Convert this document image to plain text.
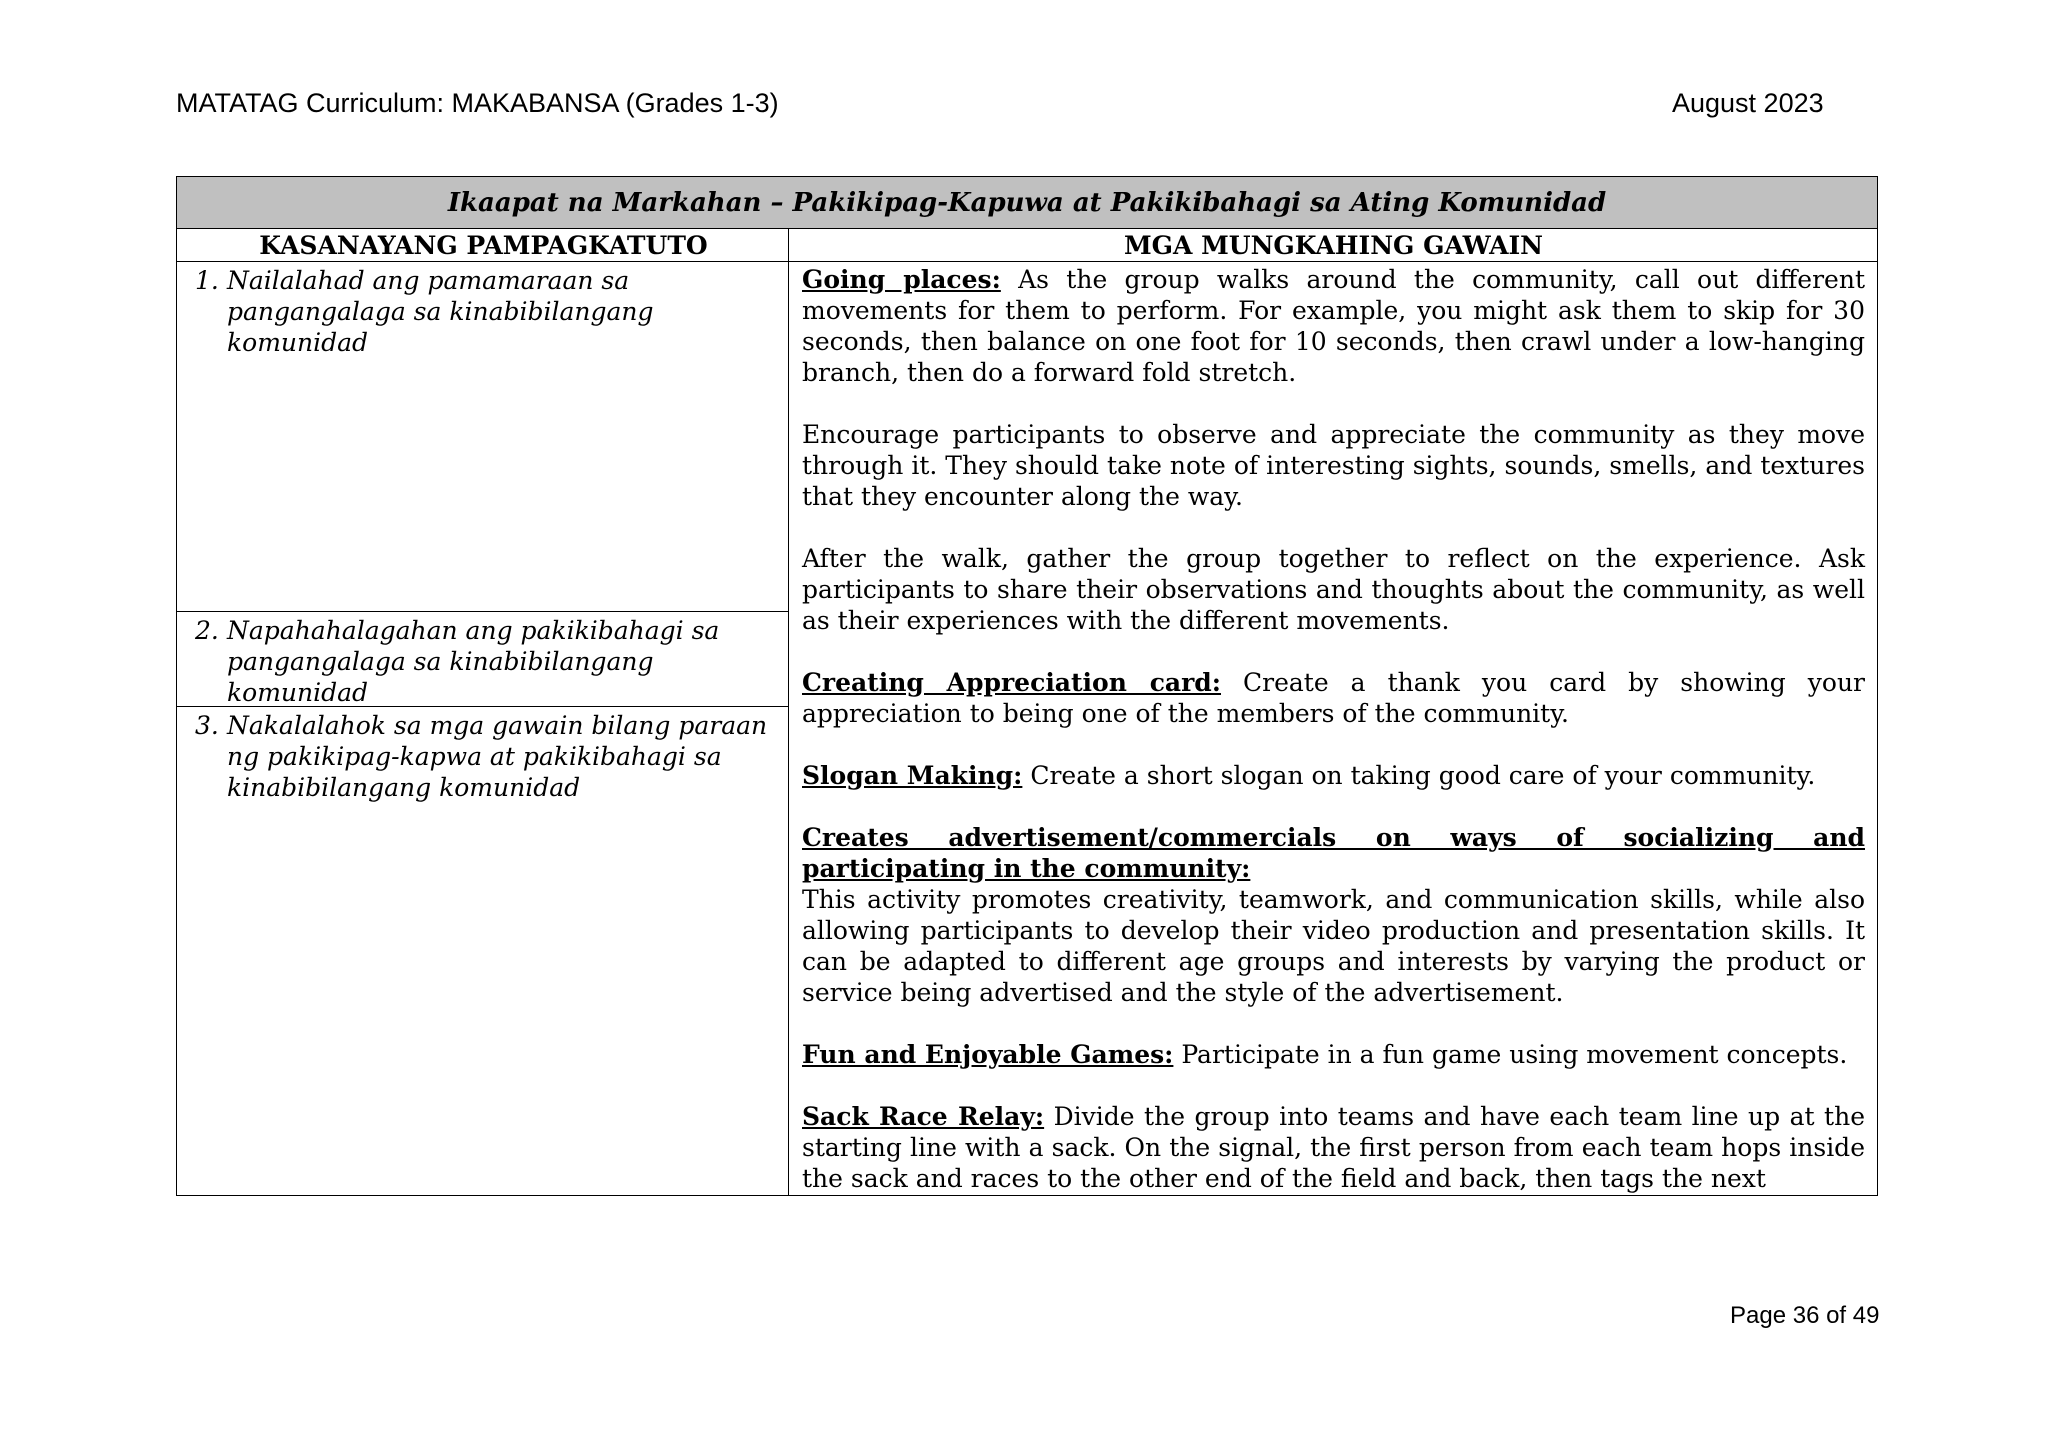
MATATAG Curriculum: MAKABANSA (Grades 1-3)	August 2023
Ikaapat na Markahan – Pakikipag-Kapuwa at Pakikibahagi sa Ating Komunidad
KASANAYANG PAMPAGKATUTO	MGA MUNGKAHING GAWAIN
1. Nailalahad ang pamamaraan sa pangangalaga sa kinabibilangang komunidad
2. Napahahalagahan ang pakikibahagi sa pangangalaga sa kinabibilangang komunidad
3. Nakalalahok sa mga gawain bilang paraan ng pakikipag-kapwa at pakikibahagi sa kinabibilangang komunidad

Going places: As the group walks around the community, call out different movements for them to perform. For example, you might ask them to skip for 30 seconds, then balance on one foot for 10 seconds, then crawl under a low-hanging branch, then do a forward fold stretch.

Encourage participants to observe and appreciate the community as they move through it. They should take note of interesting sights, sounds, smells, and textures that they encounter along the way.

After the walk, gather the group together to reflect on the experience. Ask participants to share their observations and thoughts about the community, as well as their experiences with the different movements.

Creating Appreciation card: Create a thank you card by showing your appreciation to being one of the members of the community.

Slogan Making: Create a short slogan on taking good care of your community.

Creates advertisement/commercials on ways of socializing and participating in the community:
This activity promotes creativity, teamwork, and communication skills, while also allowing participants to develop their video production and presentation skills. It can be adapted to different age groups and interests by varying the product or service being advertised and the style of the advertisement.

Fun and Enjoyable Games: Participate in a fun game using movement concepts.

Sack Race Relay: Divide the group into teams and have each team line up at the starting line with a sack. On the signal, the first person from each team hops inside the sack and races to the other end of the field and back, then tags the next

Page 36 of 49
